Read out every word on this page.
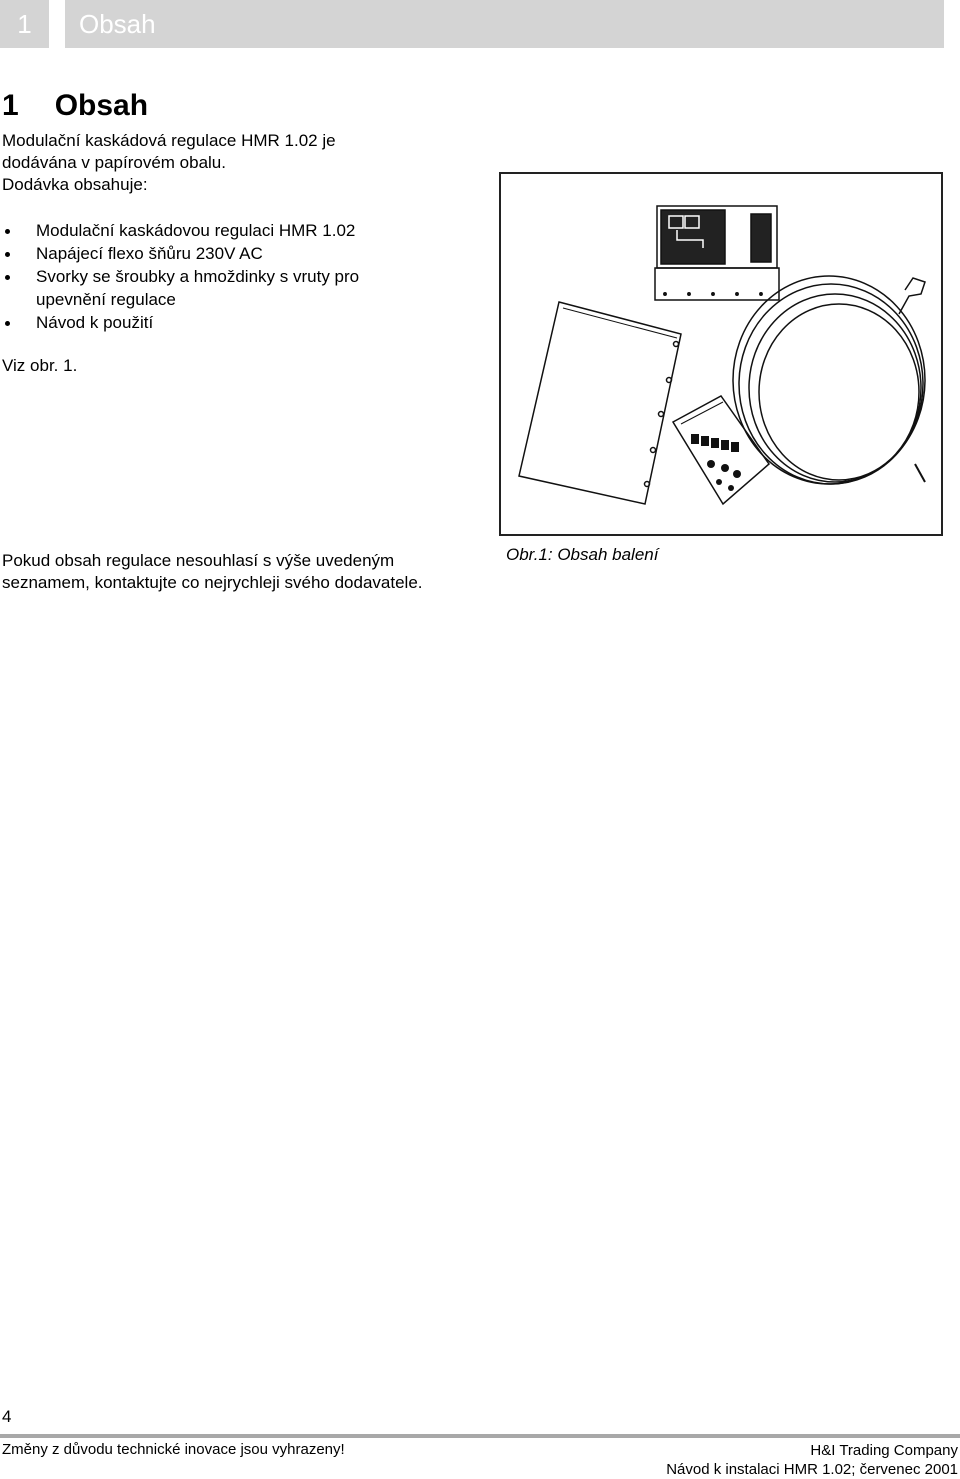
1	Obsah
1 Obsah
Modulační kaskádová regulace HMR 1.02 je
dodávána v papírovém obalu.
Dodávka obsahuje:
Modulační kaskádovou regulaci HMR 1.02
Napájecí flexo šňůru 230V AC
Svorky se šroubky a hmoždinky s vruty pro upevnění regulace
Návod k použití
Viz obr. 1.
Obr.1: Obsah balení
Pokud obsah regulace nesouhlasí s výše uvedeným seznamem, kontaktujte co nejrychleji svého dodavatele.
4
Změny z důvodu technické inovace jsou vyhrazeny!	H&I Trading Company
Návod k instalaci HMR 1.02; červenec 2001
